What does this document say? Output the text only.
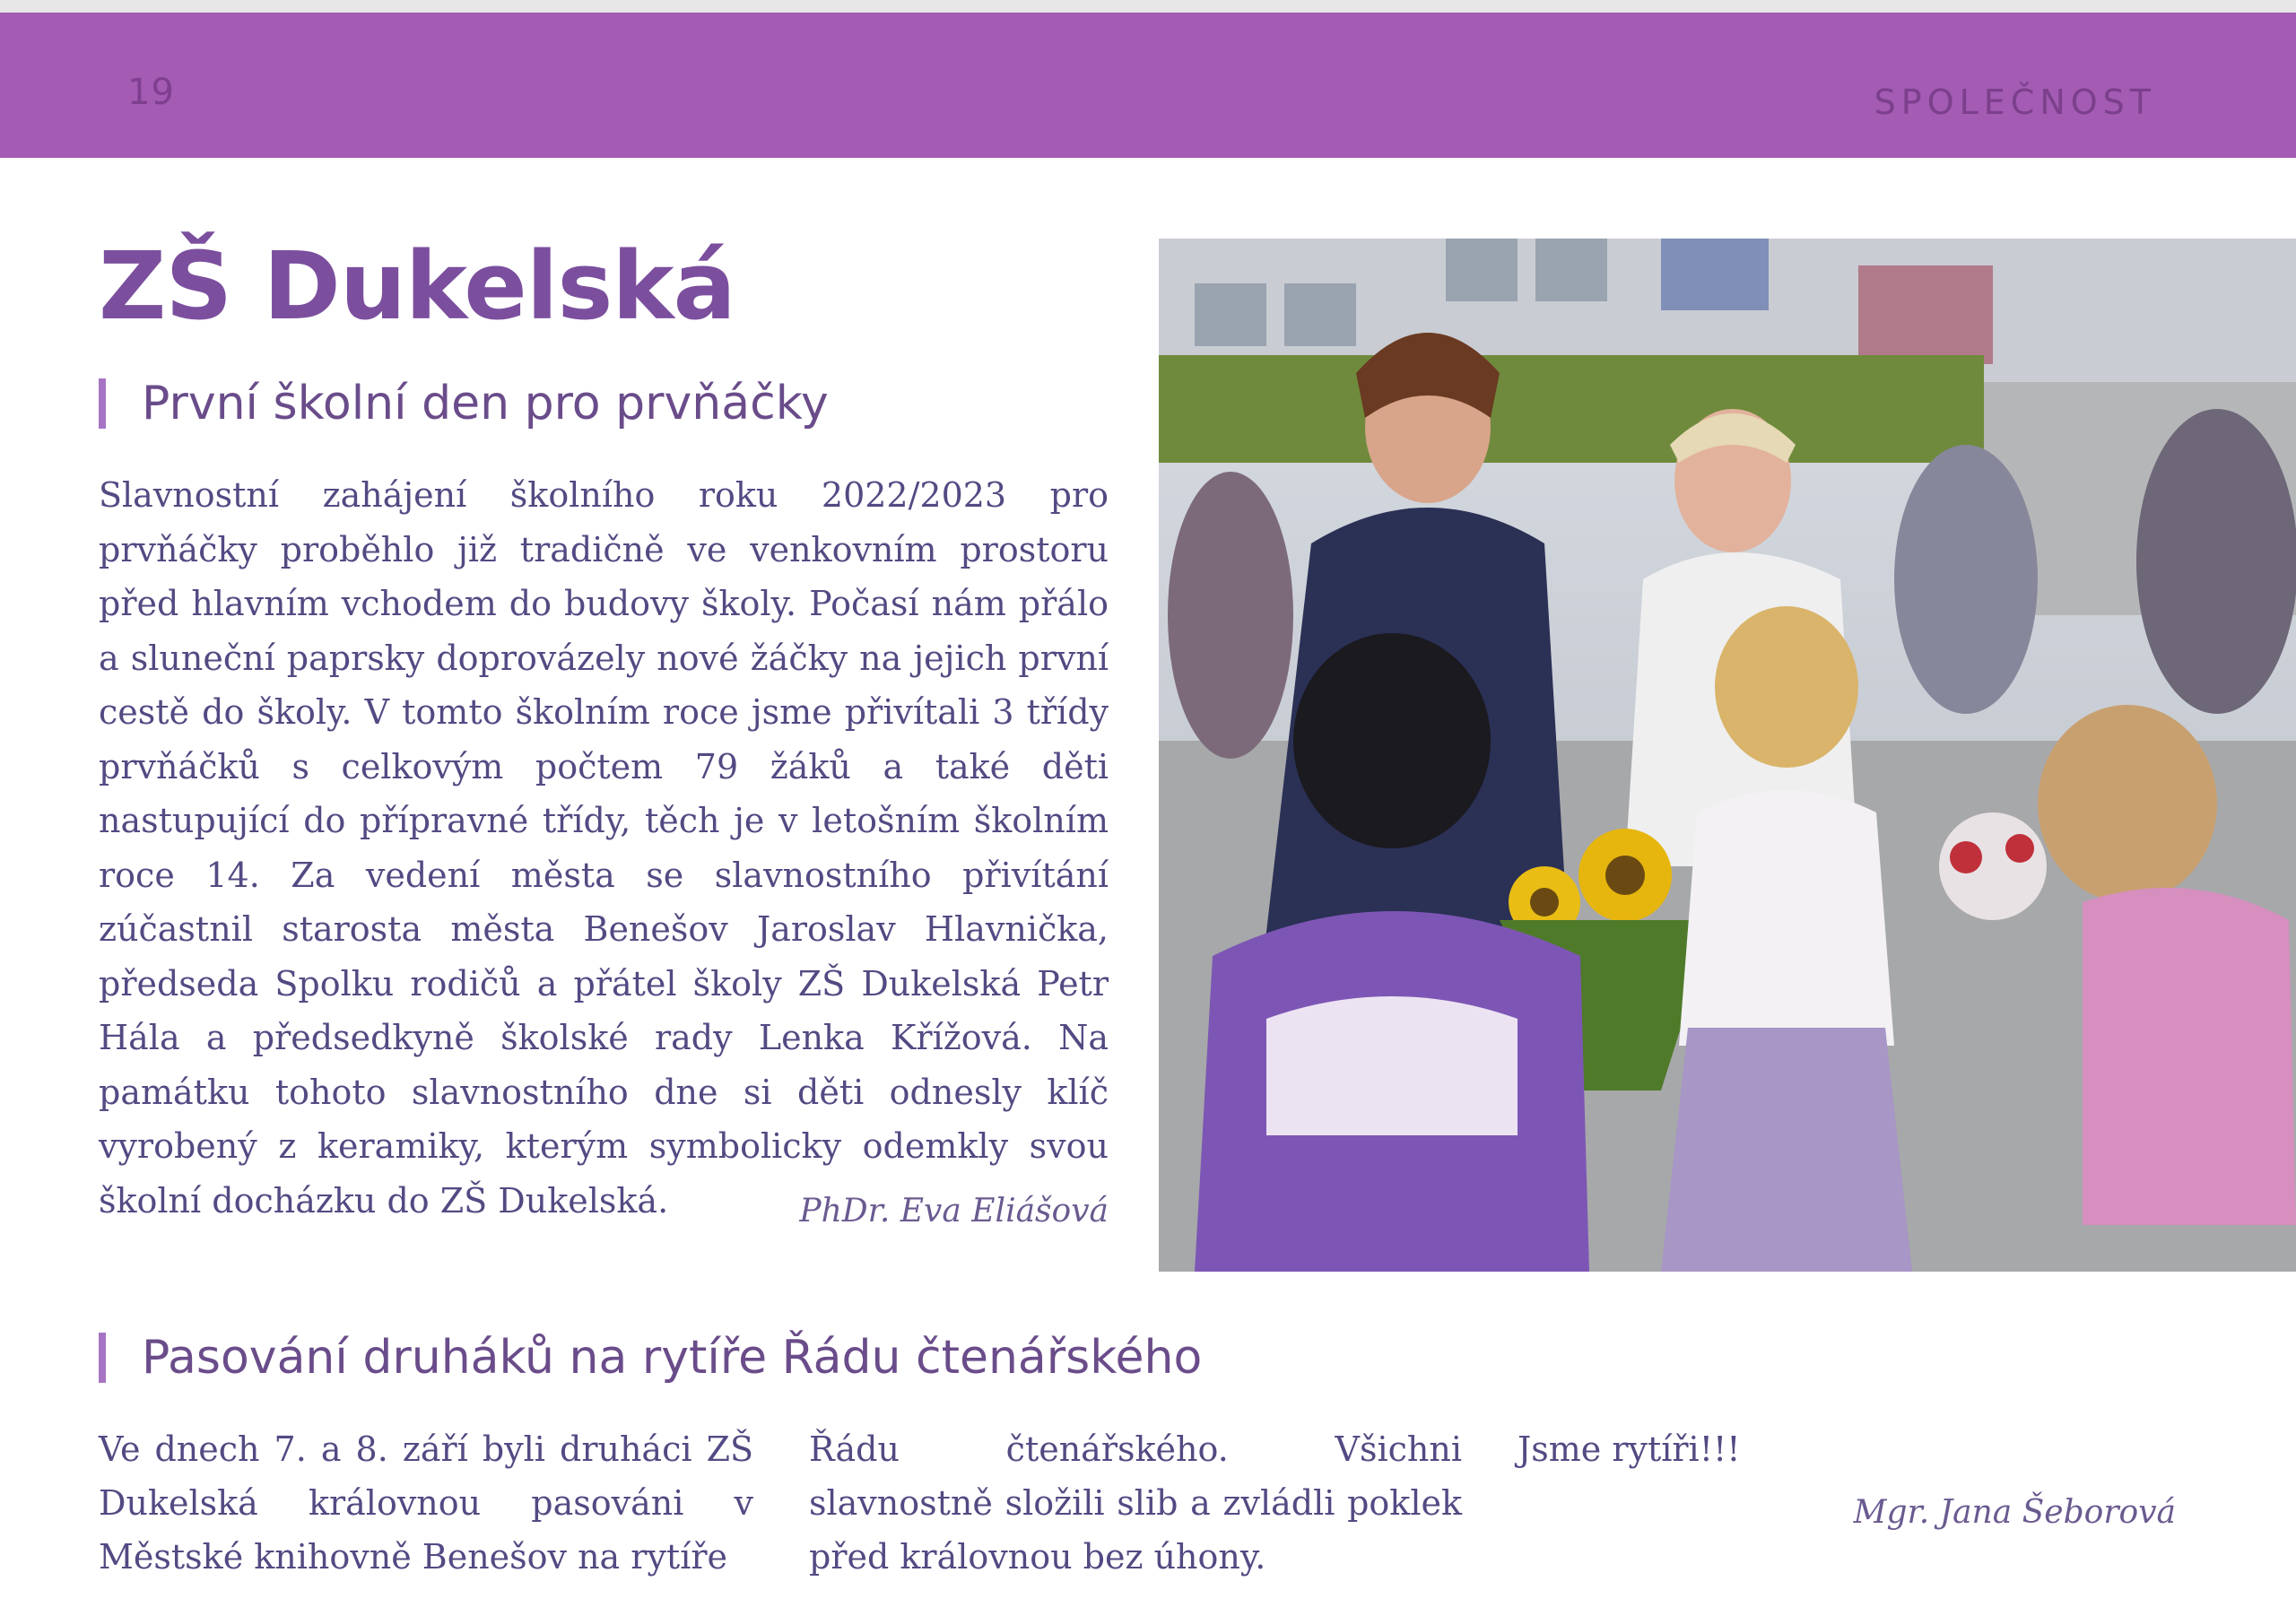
19	SPOLEČNOST
ZŠ Dukelská
První školní den pro prvňáčky
Slavnostní zahájení školního roku 2022/2023 pro prvňáčky proběhlo již tradičně ve venkovním prostoru před hlavním vchodem do budovy školy. Počasí nám přálo a sluneční paprsky doprovázely nové žáčky na jejich první cestě do školy. V tomto školním roce jsme přivítali 3 třídy prvňáčků s celkovým počtem 79 žáků a také děti nastupující do přípravné třídy, těch je v letošním školním roce 14. Za vedení města se slavnostního přivítání zúčastnil starosta města Benešov Jaroslav Hlavnička, předseda Spolku rodičů a přátel školy ZŠ Dukelská Petr Hála a předsedkyně školské rady Lenka Křížová. Na památku tohoto slavnostního dne si děti odnesly klíč vyrobený z keramiky, kterým symbolicky odemkly svou školní docházku do ZŠ Dukelská.	PhDr. Eva Eliášová
Pasování druháků na rytíře Řádu čtenářského
Ve dnech 7. a 8. září byli druháci ZŠ Dukelská královnou pasováni v Městské knihovně Benešov na rytíře
Řádu čtenářského. Všichni slavnostně složili slib a zvládli poklek před královnou bez úhony.
Jsme rytíři!!!
Mgr. Jana Šeborová
